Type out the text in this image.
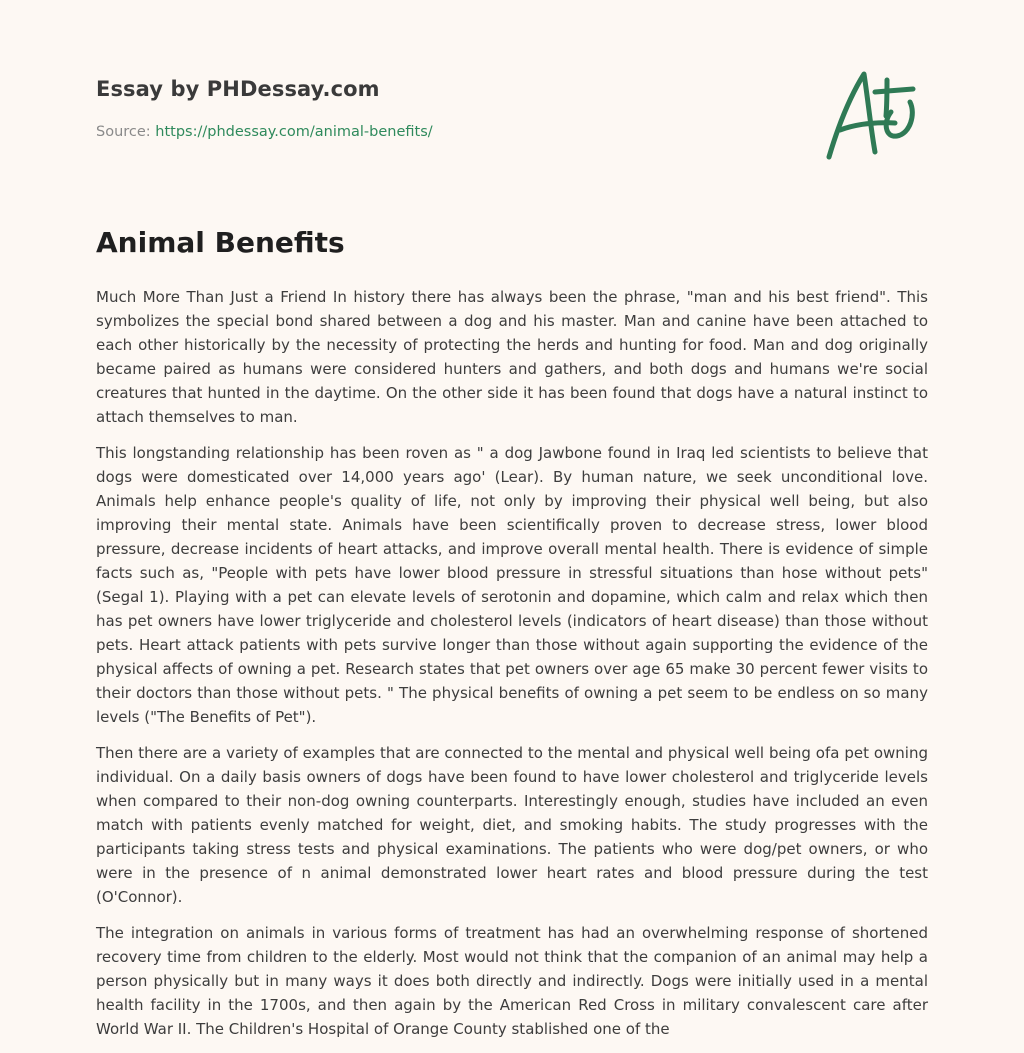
Essay by PHDessay.com
Source: https://phdessay.com/animal-benefits/
Animal Benefits

Much More Than Just a Friend In history there has always been the phrase, "man and his best friend". This symbolizes the special bond shared between a dog and his master. Man and canine have been attached to each other historically by the necessity of protecting the herds and hunting for food. Man and dog originally became paired as humans were considered hunters and gathers, and both dogs and humans we're social creatures that hunted in the daytime. On the other side it has been found that dogs have a natural instinct to attach themselves to man.

This longstanding relationship has been roven as " a dog Jawbone found in Iraq led scientists to believe that dogs were domesticated over 14,000 years ago' (Lear). By human nature, we seek unconditional love. Animals help enhance people's quality of life, not only by improving their physical well being, but also improving their mental state. Animals have been scientifically proven to decrease stress, lower blood pressure, decrease incidents of heart attacks, and improve overall mental health. There is evidence of simple facts such as, "People with pets have lower blood pressure in stressful situations than hose without pets" (Segal 1). Playing with a pet can elevate levels of serotonin and dopamine, which calm and relax which then has pet owners have lower triglyceride and cholesterol levels (indicators of heart disease) than those without pets. Heart attack patients with pets survive longer than those without again supporting the evidence of the physical affects of owning a pet. Research states that pet owners over age 65 make 30 percent fewer visits to their doctors than those without pets. " The physical benefits of owning a pet seem to be endless on so many levels ("The Benefits of Pet").

Then there are a variety of examples that are connected to the mental and physical well being ofa pet owning individual. On a daily basis owners of dogs have been found to have lower cholesterol and triglyceride levels when compared to their non-dog owning counterparts. Interestingly enough, studies have included an even match with patients evenly matched for weight, diet, and smoking habits. The study progresses with the participants taking stress tests and physical examinations. The patients who were dog/pet owners, or who were in the presence of n animal demonstrated lower heart rates and blood pressure during the test (O'Connor).

The integration on animals in various forms of treatment has had an overwhelming response of shortened recovery time from children to the elderly. Most would not think that the companion of an animal may help a person physically but in many ways it does both directly and indirectly. Dogs were initially used in a mental health facility in the 1700s, and then again by the American Red Cross in military convalescent care after World War II. The Children's Hospital of Orange County stablished one of the
